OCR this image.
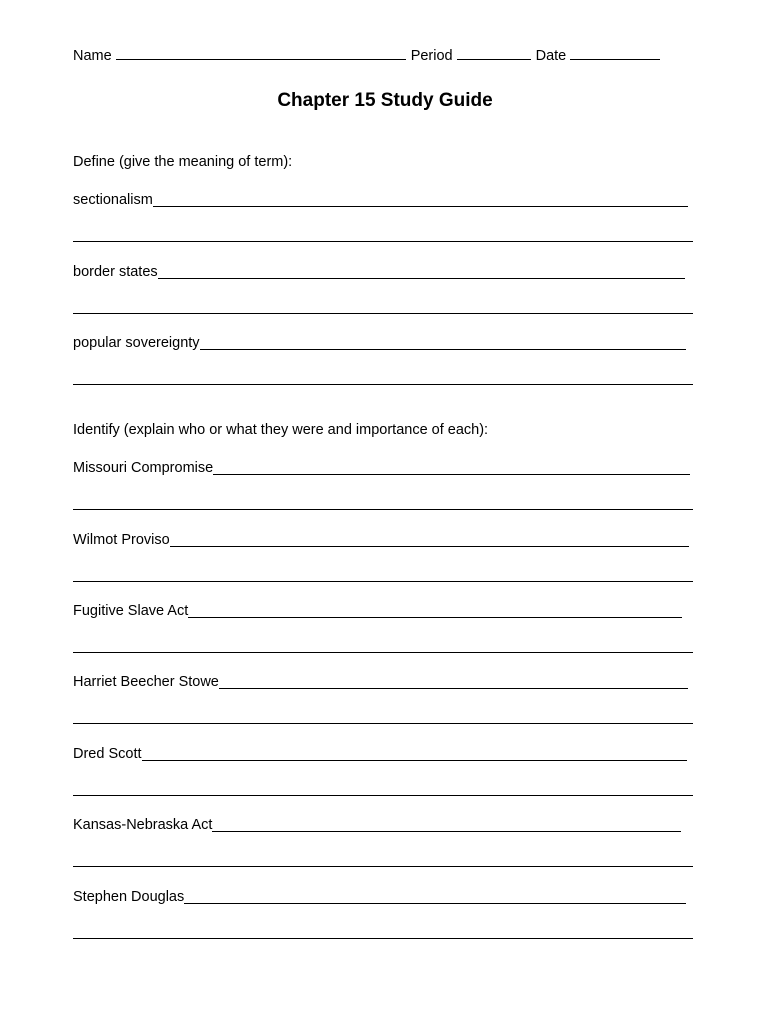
Name	Period	Date
Chapter 15 Study Guide
Define (give the meaning of term):
sectionalism
border states
popular sovereignty
Identify (explain who or what they were and importance of each):
Missouri Compromise
Wilmot Proviso
Fugitive Slave Act
Harriet Beecher Stowe
Dred Scott
Kansas-Nebraska Act
Stephen Douglas
